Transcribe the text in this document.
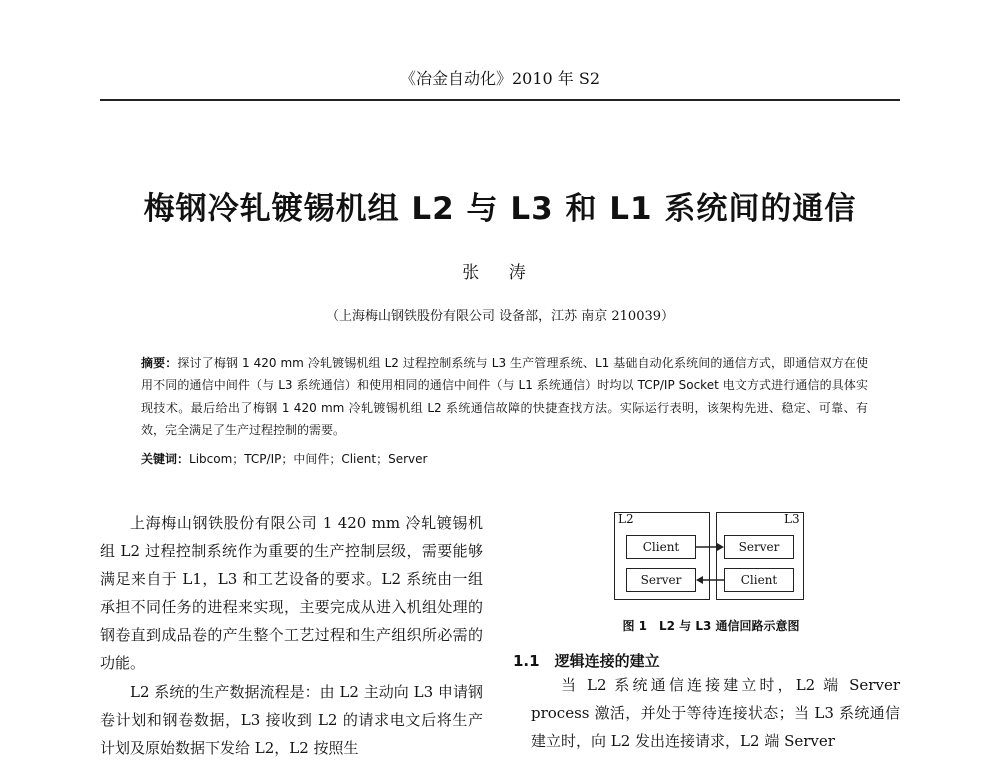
《冶金自动化》2010 年 S2
梅钢冷轧镀锡机组 L2 与 L3 和 L1 系统间的通信
张 涛
（上海梅山钢铁股份有限公司 设备部，江苏 南京 210039）
摘要：探讨了梅钢 1 420 mm 冷轧镀锡机组 L2 过程控制系统与 L3 生产管理系统、L1 基础自动化系统间的通信方式，即通信双方在使用不同的通信中间件（与 L3 系统通信）和使用相同的通信中间件（与 L1 系统通信）时均以 TCP/IP Socket 电文方式进行通信的具体实现技术。最后给出了梅钢 1 420 mm 冷轧镀锡机组 L2 系统通信故障的快捷查找方法。实际运行表明，该架构先进、稳定、可靠、有效，完全满足了生产过程控制的需要。
关键词：Libcom；TCP/IP；中间件；Client；Server

上海梅山钢铁股份有限公司 1 420 mm 冷轧镀锡机组 L2 过程控制系统作为重要的生产控制层级，需要能够满足来自于 L1，L3 和工艺设备的要求。L2 系统由一组承担不同任务的进程来实现，主要完成从进入机组处理的钢卷直到成品卷的产生整个工艺过程和生产组织所必需的功能。

L2 系统的生产数据流程是：由 L2 主动向 L3 申请钢卷计划和钢卷数据，L3 接收到 L2 的请求电文后将生产计划及原始数据下发给 L2，L2 按照生

L2	L3
Client
Server
Server
Client
图 1　L2 与 L3 通信回路示意图
1.1　逻辑连接的建立

当 L2 系统通信连接建立时，L2 端 Server process 激活，并处于等待连接状态；当 L3 系统通信建立时，向 L2 发出连接请求，L2 端 Server
